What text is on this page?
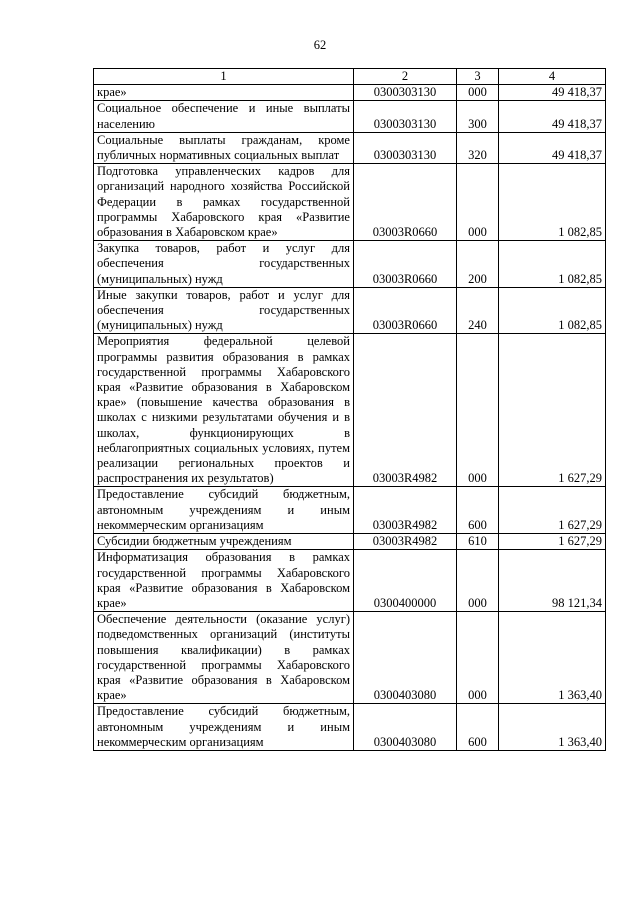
62
1	2	3	4
крае»	0300303130	000	49 418,37
Социальное обеспечение и иные выплаты населению	0300303130	300	49 418,37
Социальные выплаты гражданам, кроме публичных нормативных социальных выплат	0300303130	320	49 418,37
Подготовка управленческих кадров для организаций народного хозяйства Российской Федерации в рамках государственной программы Хабаровского края «Развитие образования в Хабаровском крае»	03003R0660	000	1 082,85
Закупка товаров, работ и услуг для обеспечения государственных (муниципальных) нужд	03003R0660	200	1 082,85
Иные закупки товаров, работ и услуг для обеспечения государственных (муниципальных) нужд	03003R0660	240	1 082,85
Мероприятия федеральной целевой программы развития образования в рамках государственной программы Хабаровского края «Развитие образования в Хабаровском крае» (повышение качества образования в школах с низкими результатами обучения и в школах, функционирующих в неблагоприятных социальных условиях, путем реализации региональных проектов и распространения их результатов)	03003R4982	000	1 627,29
Предоставление субсидий бюджетным, автономным учреждениям и иным некоммерческим организациям	03003R4982	600	1 627,29
Субсидии бюджетным учреждениям	03003R4982	610	1 627,29
Информатизация образования в рамках государственной программы Хабаровского края «Развитие образования в Хабаровском крае»	0300400000	000	98 121,34
Обеспечение деятельности (оказание услуг) подведомственных организаций (институты повышения квалификации) в рамках государственной программы Хабаровского края «Развитие образования в Хабаровском крае»	0300403080	000	1 363,40
Предоставление субсидий бюджетным, автономным учреждениям и иным некоммерческим организациям	0300403080	600	1 363,40
